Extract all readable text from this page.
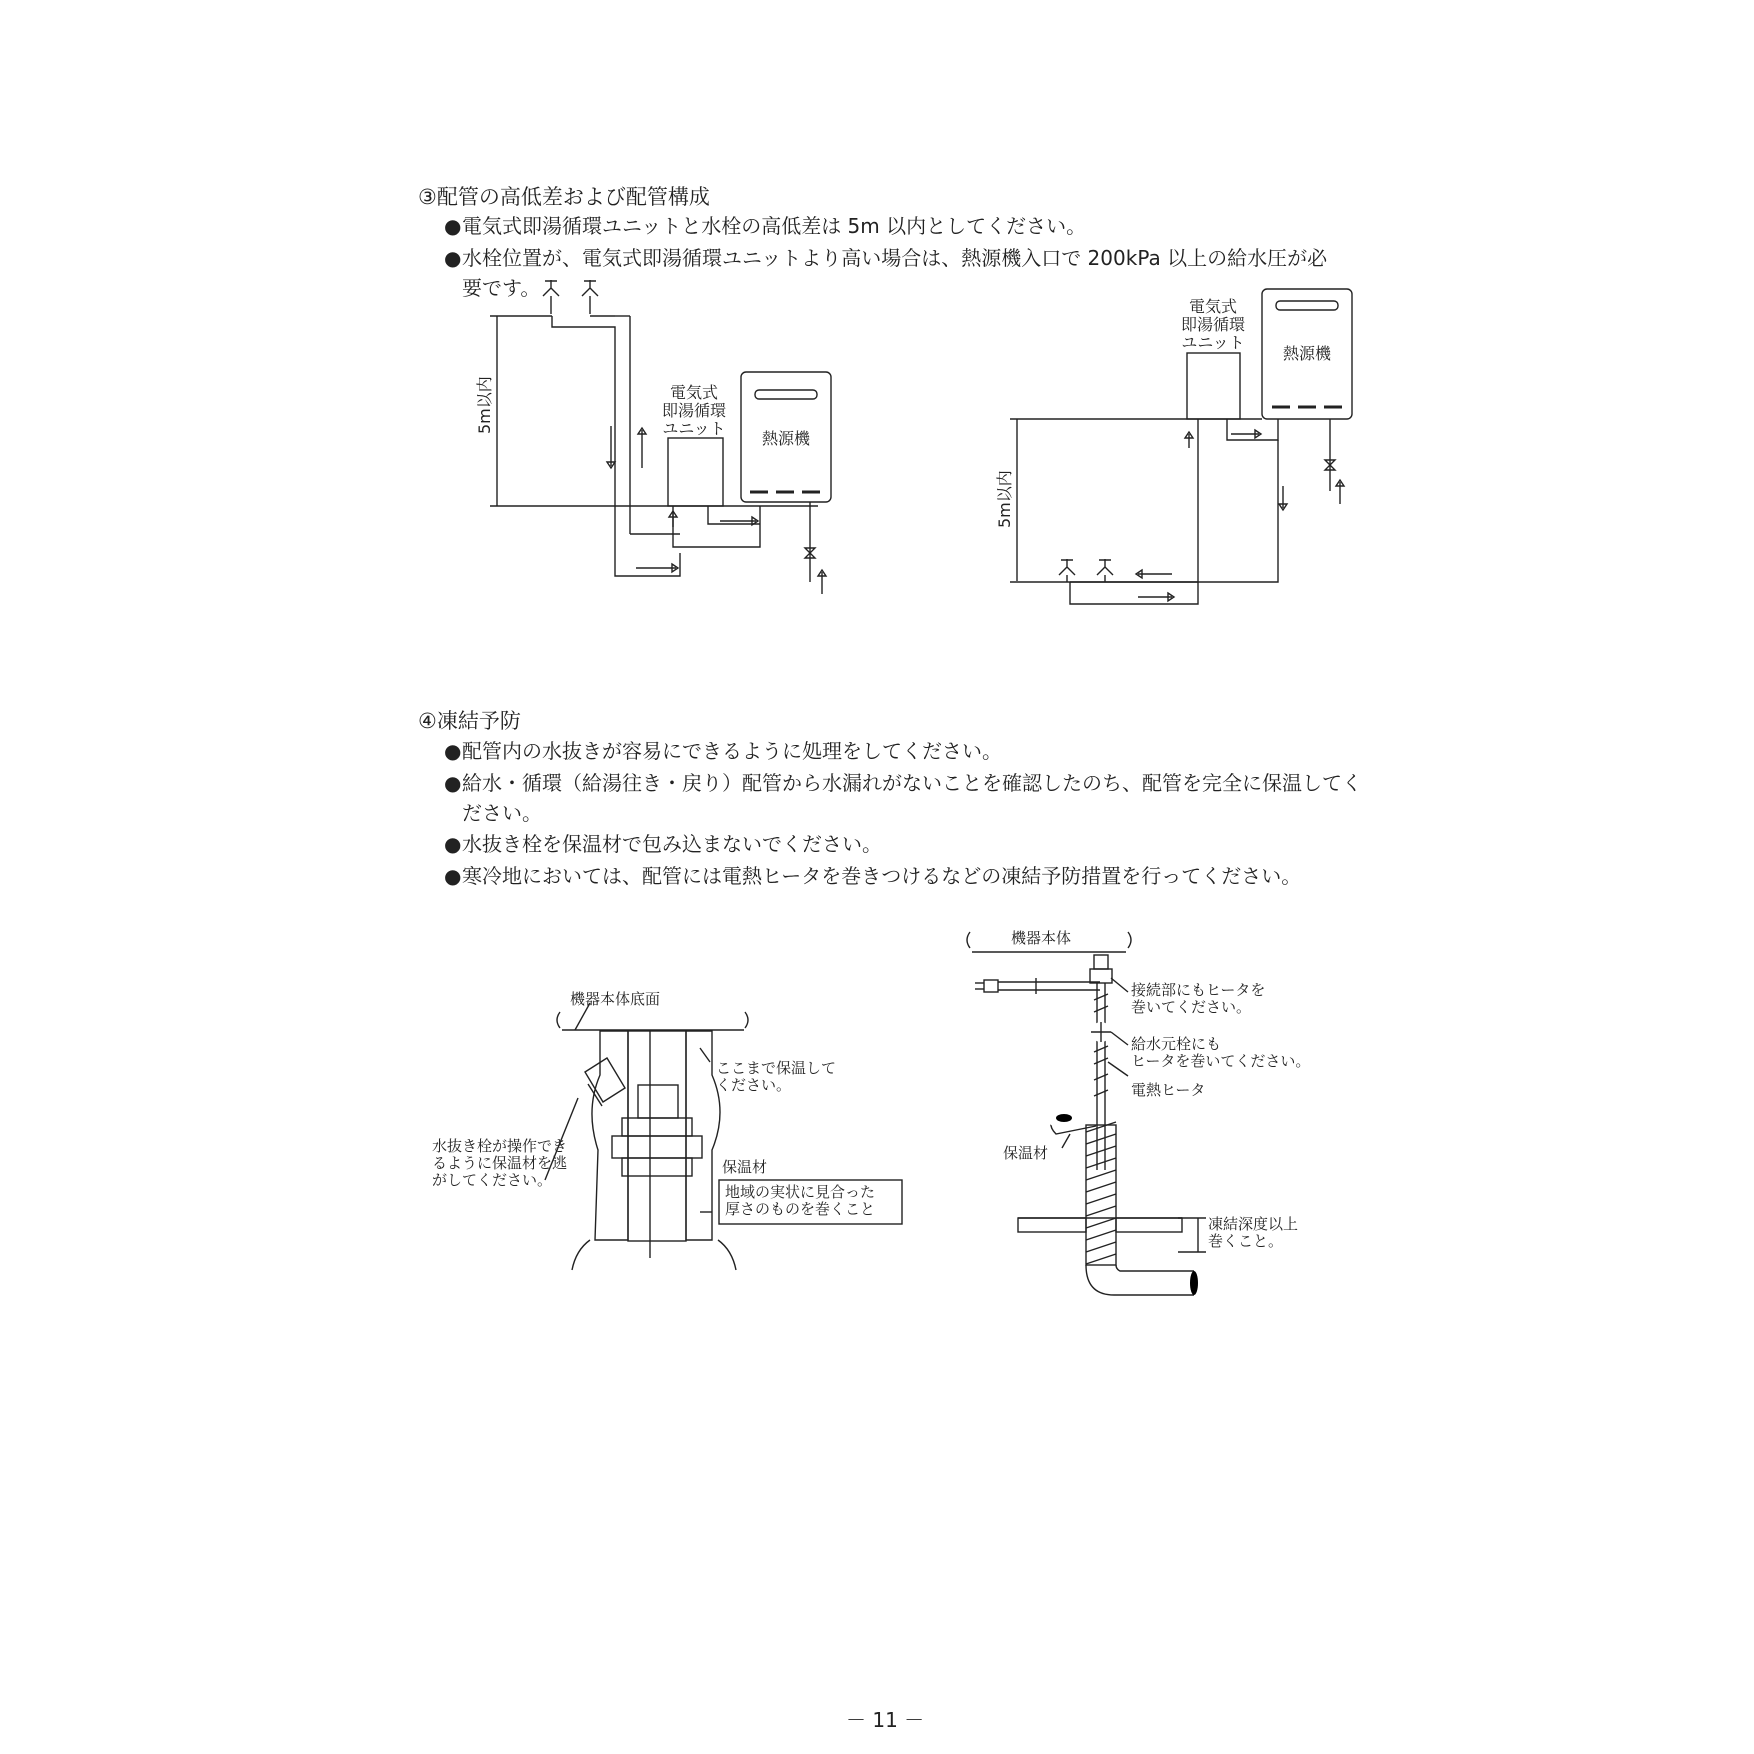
③配管の高低差および配管構成
●電気式即湯循環ユニットと水栓の高低差は 5m 以内としてください。
●水栓位置が、電気式即湯循環ユニットより高い場合は、熱源機入口で 200kPa 以上の給水圧が必
要です。
電気式
即湯循環
ユニット
熱源機
5m以内
電気式
即湯循環
ユニット
熱源機
5m以内
④凍結予防
●配管内の水抜きが容易にできるように処理をしてください。
●給水・循環（給湯往き・戻り）配管から水漏れがないことを確認したのち、配管を完全に保温してく
ださい。
●水抜き栓を保温材で包み込まないでください。
●寒冷地においては、配管には電熱ヒータを巻きつけるなどの凍結予防措置を行ってください。
機器本体底面
ここまで保温して
ください。
水抜き栓が操作でき
るように保温材を逃
がしてください。
保温材
地域の実状に見合った
厚さのものを巻くこと
機器本体
接続部にもヒータを
巻いてください。
給水元栓にも
ヒータを巻いてください。
電熱ヒータ
保温材
凍結深度以上
巻くこと。
－ 11 －
